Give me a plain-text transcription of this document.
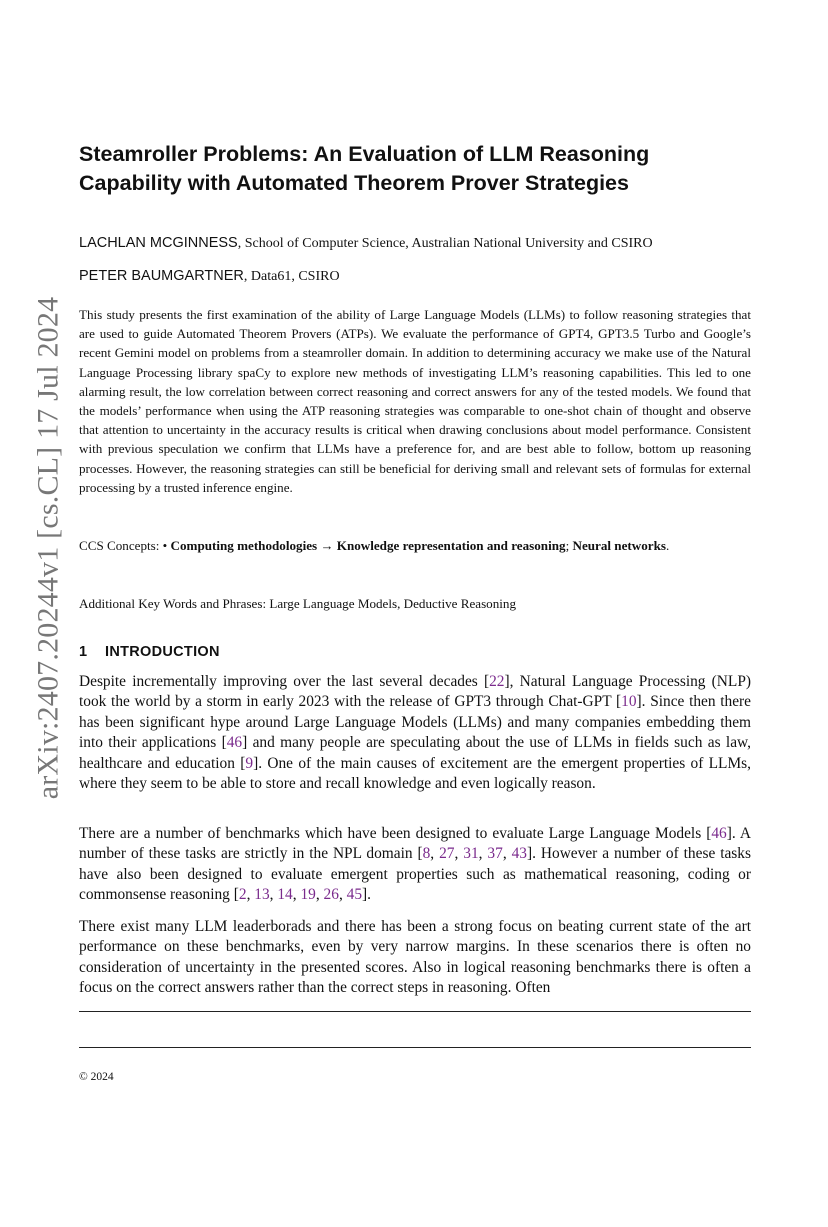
arXiv:2407.20244v1 [cs.CL] 17 Jul 2024
Steamroller Problems: An Evaluation of LLM Reasoning Capability with Automated Theorem Prover Strategies
LACHLAN MCGINNESS, School of Computer Science, Australian National University and CSIRO
PETER BAUMGARTNER, Data61, CSIRO

This study presents the first examination of the ability of Large Language Models (LLMs) to follow reasoning strategies that are used to guide Automated Theorem Provers (ATPs). We evaluate the performance of GPT4, GPT3.5 Turbo and Google’s recent Gemini model on problems from a steamroller domain. In addition to determining accuracy we make use of the Natural Language Processing library spaCy to explore new methods of investigating LLM’s reasoning capabilities. This led to one alarming result, the low correlation between correct reasoning and correct answers for any of the tested models. We found that the models’ performance when using the ATP reasoning strategies was comparable to one-shot chain of thought and observe that attention to uncertainty in the accuracy results is critical when drawing conclusions about model performance. Consistent with previous speculation we confirm that LLMs have a preference for, and are best able to follow, bottom up reasoning processes. However, the reasoning strategies can still be beneficial for deriving small and relevant sets of formulas for external processing by a trusted inference engine.

CCS Concepts: • Computing methodologies → Knowledge representation and reasoning; Neural networks.

Additional Key Words and Phrases: Large Language Models, Deductive Reasoning

1 INTRODUCTION

Despite incrementally improving over the last several decades [22], Natural Language Processing (NLP) took the world by a storm in early 2023 with the release of GPT3 through Chat-GPT [10]. Since then there has been significant hype around Large Language Models (LLMs) and many companies embedding them into their applications [46] and many people are speculating about the use of LLMs in fields such as law, healthcare and education [9]. One of the main causes of excitement are the emergent properties of LLMs, where they seem to be able to store and recall knowledge and even logically reason.

There are a number of benchmarks which have been designed to evaluate Large Language Models [46]. A number of these tasks are strictly in the NPL domain [8, 27, 31, 37, 43]. However a number of these tasks have also been designed to evaluate emergent properties such as mathematical reasoning, coding or commonsense reasoning [2, 13, 14, 19, 26, 45].

There exist many LLM leaderborads and there has been a strong focus on beating current state of the art performance on these benchmarks, even by very narrow margins. In these scenarios there is often no consideration of uncertainty in the presented scores. Also in logical reasoning benchmarks there is often a focus on the correct answers rather than the correct steps in reasoning. Often

© 2024
